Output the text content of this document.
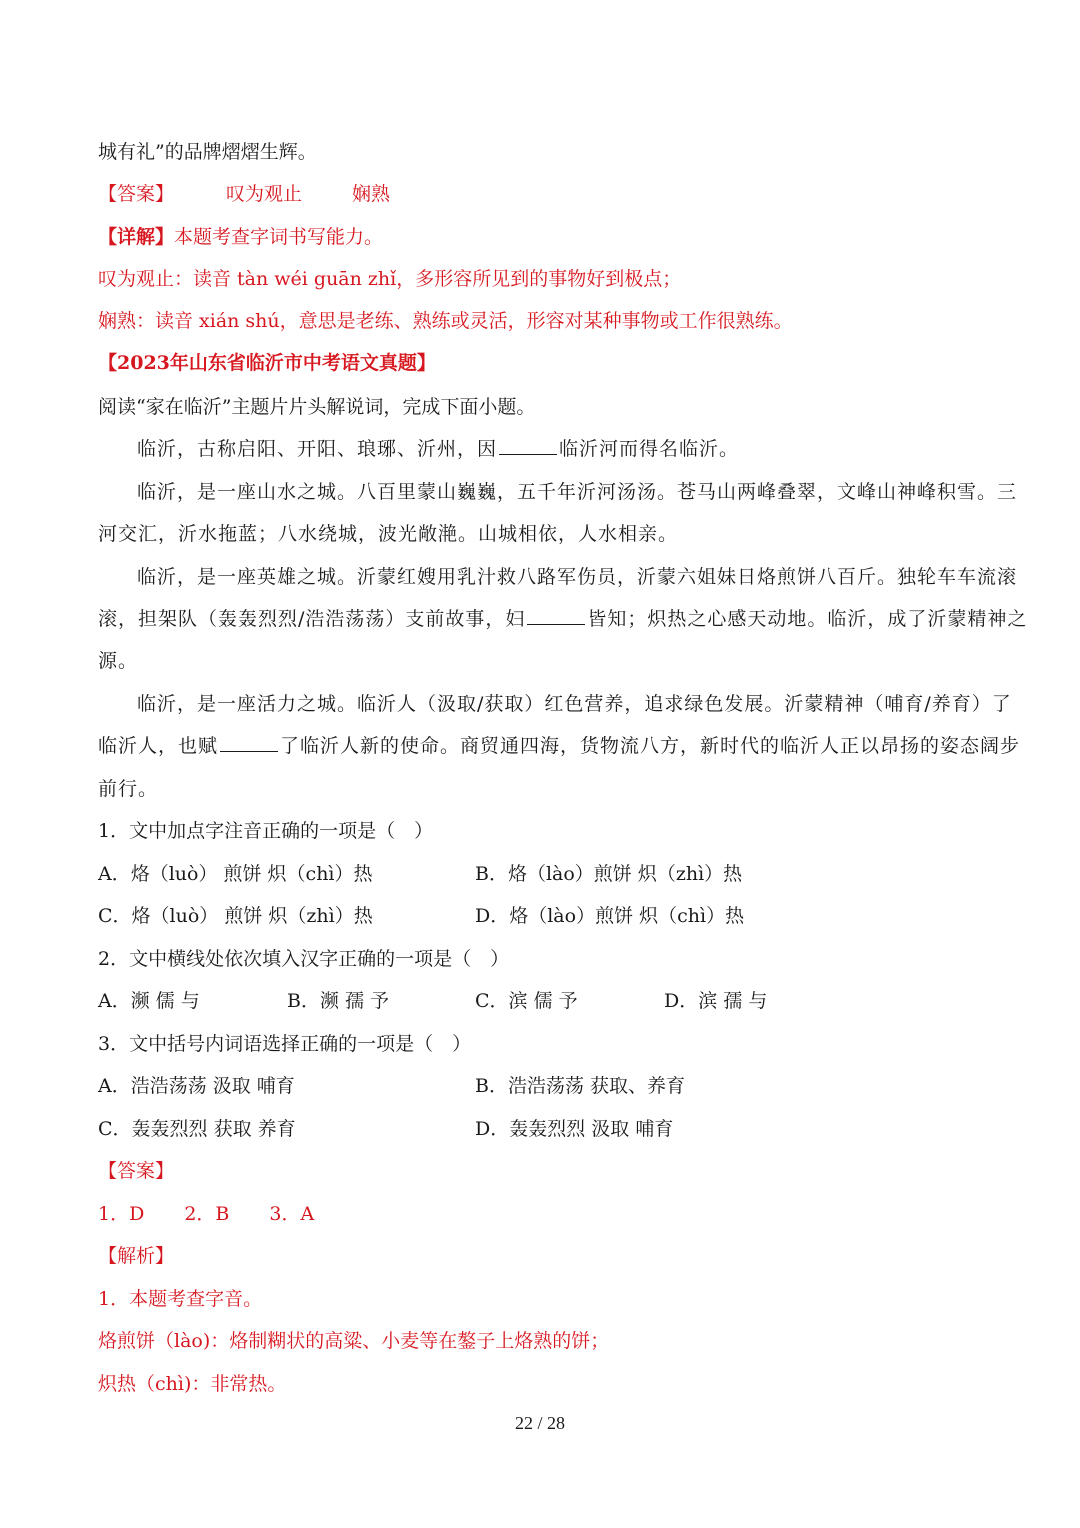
城有礼”的品牌熠熠生辉。
【答案】	叹为观止	娴熟
【详解】本题考查字词书写能力。
叹为观止：读音 tàn wéi guān zhǐ，多形容所见到的事物好到极点；
娴熟：读音 xián shú，意思是老练、熟练或灵活，形容对某种事物或工作很熟练。
【2023年山东省临沂市中考语文真题】
阅读“家在临沂”主题片片头解说词，完成下面小题。
临沂，古称启阳、开阳、琅琊、沂州，因	临沂河而得名临沂。
临沂，是一座山水之城。八百里蒙山巍巍，五千年沂河汤汤。苍马山两峰叠翠，文峰山神峰积雪。三
河交汇，沂水拖蓝；八水绕城，波光敞滟。山城相依，人水相亲。
临沂，是一座英雄之城。沂蒙红嫂用乳汁救八路军伤员，沂蒙六姐妹日烙煎饼八百斤。独轮车车流滚
滚，担架队（轰轰烈烈/浩浩荡荡）支前故事，妇	皆知；炽热之心感天动地。临沂，成了沂蒙精神之
源。
临沂，是一座活力之城。临沂人（汲取/获取）红色营养，追求绿色发展。沂蒙精神（哺育/养育）了
临沂人，也赋	了临沂人新的使命。商贸通四海，货物流八方，新时代的临沂人正以昂扬的姿态阔步
前行。
1．文中加点字注音正确的一项是（　）
A．烙（luò） 煎饼 炽（chì）热	B．烙（lào）煎饼 炽（zhì）热
C．烙（luò） 煎饼 炽（zhì）热	D．烙（lào）煎饼 炽（chì）热
2．文中横线处依次填入汉字正确的一项是（　）
A．濒 儒 与	B．濒 孺 予	C．滨 儒 予	D．滨 孺 与
3．文中括号内词语选择正确的一项是（　）
A．浩浩荡荡 汲取 哺育	B．浩浩荡荡 获取、养育
C．轰轰烈烈 获取 养育	D．轰轰烈烈 汲取 哺育
【答案】
1．D 2．B 3．A
【解析】
1．本题考查字音。
烙煎饼（lào)：烙制糊状的高粱、小麦等在鏊子上烙熟的饼；
炽热（chì)：非常热。
22 / 28
